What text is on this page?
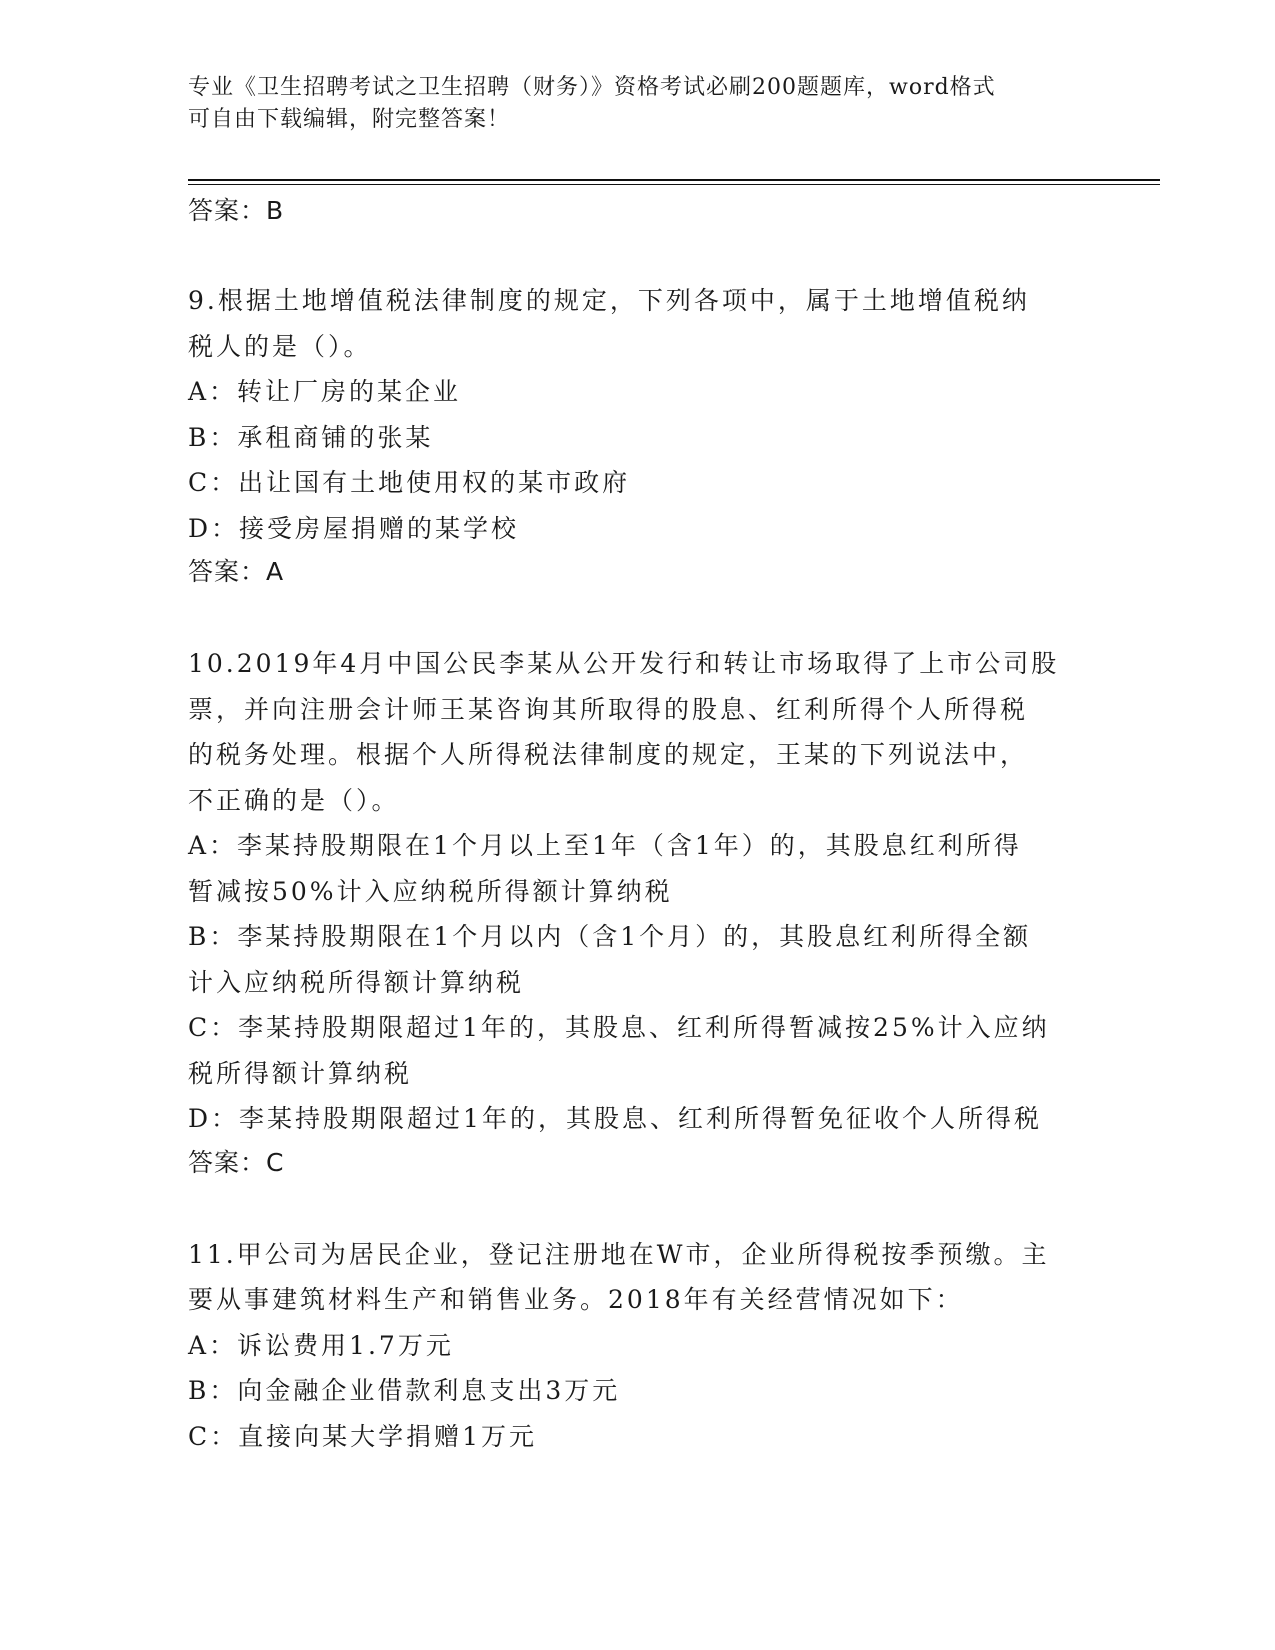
专业《卫生招聘考试之卫生招聘（财务）》资格考试必刷200题题库，word格式
可自由下载编辑，附完整答案！
答案：B
9.根据土地增值税法律制度的规定，下列各项中，属于土地增值税纳
税人的是（）。
A：转让厂房的某企业
B：承租商铺的张某
C：出让国有土地使用权的某市政府
D：接受房屋捐赠的某学校
答案：A
10.2019年4月中国公民李某从公开发行和转让市场取得了上市公司股
票，并向注册会计师王某咨询其所取得的股息、红利所得个人所得税
的税务处理。根据个人所得税法律制度的规定，王某的下列说法中，
不正确的是（）。
A：李某持股期限在1个月以上至1年（含1年）的，其股息红利所得
暂减按50%计入应纳税所得额计算纳税
B：李某持股期限在1个月以内（含1个月）的，其股息红利所得全额
计入应纳税所得额计算纳税
C：李某持股期限超过1年的，其股息、红利所得暂减按25%计入应纳
税所得额计算纳税
D：李某持股期限超过1年的，其股息、红利所得暂免征收个人所得税
答案：C
11.甲公司为居民企业，登记注册地在W市，企业所得税按季预缴。主
要从事建筑材料生产和销售业务。2018年有关经营情况如下：
A：诉讼费用1.7万元
B：向金融企业借款利息支出3万元
C：直接向某大学捐赠1万元
